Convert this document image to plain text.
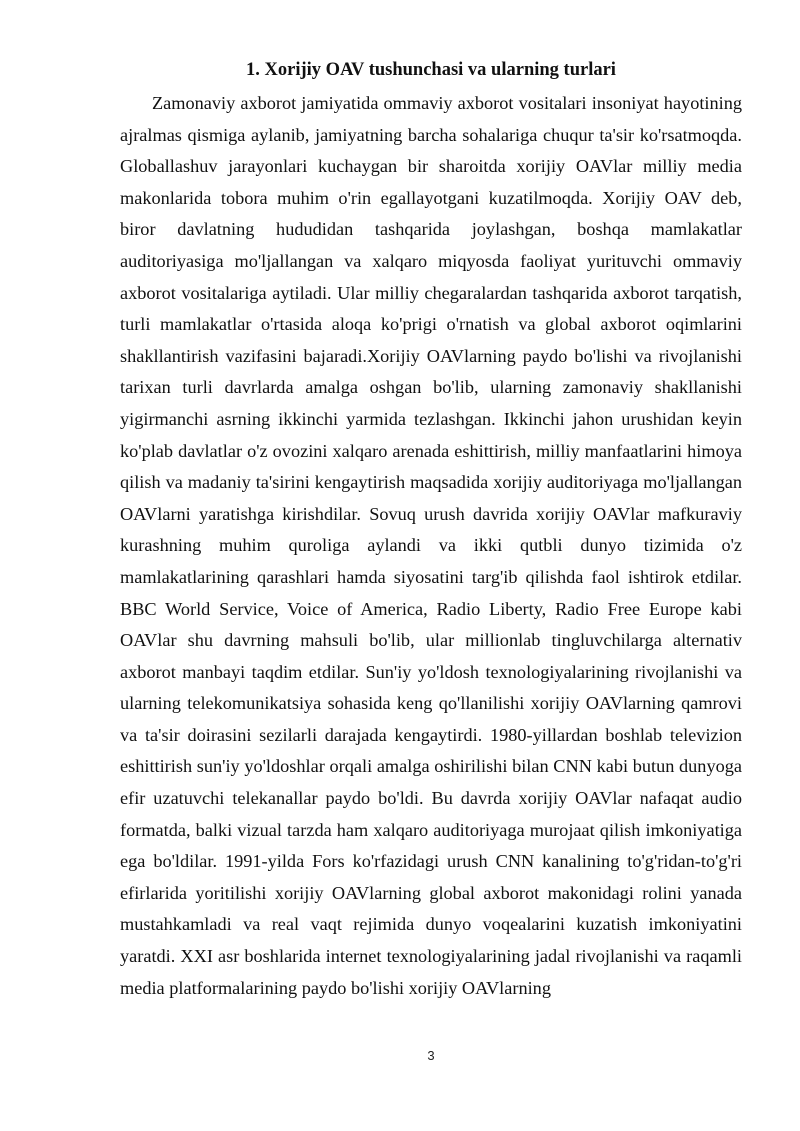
1. Xorijiy OAV tushunchasi va ularning turlari

Zamonaviy axborot jamiyatida ommaviy axborot vositalari insoniyat hayotining ajralmas qismiga aylanib, jamiyatning barcha sohalariga chuqur ta'sir ko'rsatmoqda. Globallashuv jarayonlari kuchaygan bir sharoitda xorijiy OAVlar milliy media makonlarida tobora muhim o'rin egallayotgani kuzatilmoqda. Xorijiy OAV deb, biror davlatning hududidan tashqarida joylashgan, boshqa mamlakatlar auditoriyasiga mo'ljallangan va xalqaro miqyosda faoliyat yurituvchi ommaviy axborot vositalariga aytiladi. Ular milliy chegaralardan tashqarida axborot tarqatish, turli mamlakatlar o'rtasida aloqa ko'prigi o'rnatish va global axborot oqimlarini shakllantirish vazifasini bajaradi.Xorijiy OAVlarning paydo bo'lishi va rivojlanishi tarixan turli davrlarda amalga oshgan bo'lib, ularning zamonaviy shakllanishi yigirmanchi asrning ikkinchi yarmida tezlashgan. Ikkinchi jahon urushidan keyin ko'plab davlatlar o'z ovozini xalqaro arenada eshittirish, milliy manfaatlarini himoya qilish va madaniy ta'sirini kengaytirish maqsadida xorijiy auditoriyaga mo'ljallangan OAVlarni yaratishga kirishdilar. Sovuq urush davrida xorijiy OAVlar mafkuraviy kurashning muhim quroliga aylandi va ikki qutbli dunyo tizimida o'z mamlakatlarining qarashlari hamda siyosatini targ'ib qilishda faol ishtirok etdilar. BBC World Service, Voice of America, Radio Liberty, Radio Free Europe kabi OAVlar shu davrning mahsuli bo'lib, ular millionlab tingluvchilarga alternativ axborot manbayi taqdim etdilar. Sun'iy yo'ldosh texnologiyalarining rivojlanishi va ularning telekomunikatsiya sohasida keng qo'llanilishi xorijiy OAVlarning qamrovi va ta'sir doirasini sezilarli darajada kengaytirdi. 1980-yillardan boshlab televizion eshittirish sun'iy yo'ldoshlar orqali amalga oshirilishi bilan CNN kabi butun dunyoga efir uzatuvchi telekanallar paydo bo'ldi. Bu davrda xorijiy OAVlar nafaqat audio formatda, balki vizual tarzda ham xalqaro auditoriyaga murojaat qilish imkoniyatiga ega bo'ldilar. 1991-yilda Fors ko'rfazidagi urush CNN kanalining to'g'ridan-to'g'ri efirlarida yoritilishi xorijiy OAVlarning global axborot makonidagi rolini yanada mustahkamladi va real vaqt rejimida dunyo voqealarini kuzatish imkoniyatini yaratdi. XXI asr boshlarida internet texnologiyalarining jadal rivojlanishi va raqamli media platformalarining paydo bo'lishi xorijiy OAVlarning

3
